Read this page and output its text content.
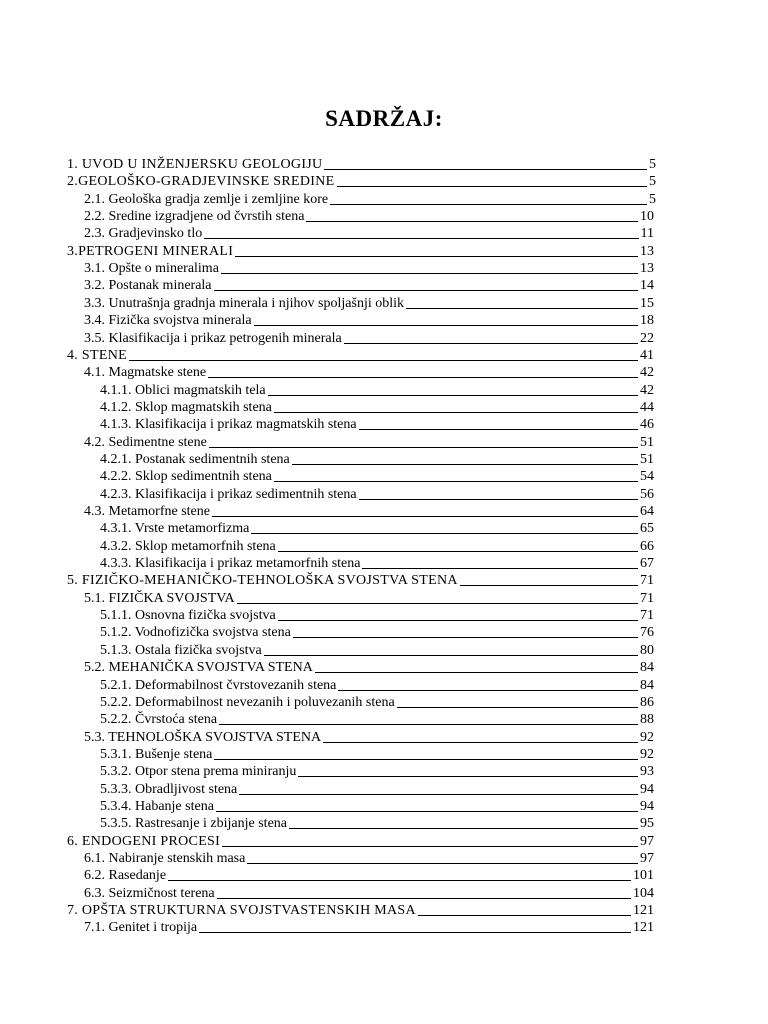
SADRŽAJ:
1. UVOD U INŽENJERSKU GEOLOGIJU	5
2.GEOLOŠKO-GRADJEVINSKE SREDINE	5
2.1. Geološka gradja zemlje i zemljine kore	5
2.2. Sredine izgradjene od čvrstih stena	10
2.3. Gradjevinsko tlo	11
3.PETROGENI MINERALI	13
3.1. Opšte o mineralima	13
3.2. Postanak minerala	14
3.3. Unutrašnja gradnja minerala i njihov spoljašnji oblik	15
3.4. Fizička svojstva minerala	18
3.5. Klasifikacija i prikaz petrogenih minerala	22
4. STENE	41
4.1. Magmatske stene	42
4.1.1. Oblici magmatskih tela	42
4.1.2. Sklop magmatskih stena	44
4.1.3. Klasifikacija i prikaz magmatskih stena	46
4.2. Sedimentne stene	51
4.2.1. Postanak sedimentnih stena	51
4.2.2. Sklop sedimentnih stena	54
4.2.3. Klasifikacija i prikaz sedimentnih stena	56
4.3. Metamorfne stene	64
4.3.1. Vrste metamorfizma	65
4.3.2. Sklop metamorfnih stena	66
4.3.3. Klasifikacija i prikaz metamorfnih stena	67
5. FIZIČKO-MEHANIČKO-TEHNOLOŠKA SVOJSTVA STENA	71
5.1. FIZIČKA SVOJSTVA	71
5.1.1. Osnovna fizička svojstva	71
5.1.2. Vodnofizička svojstva stena	76
5.1.3. Ostala fizička svojstva	80
5.2. MEHANIČKA SVOJSTVA STENA	84
5.2.1. Deformabilnost čvrstovezanih stena	84
5.2.2. Deformabilnost nevezanih i poluvezanih stena	86
5.2.2. Čvrstoća stena	88
5.3. TEHNOLOŠKA SVOJSTVA STENA	92
5.3.1. Bušenje stena	92
5.3.2. Otpor stena prema miniranju	93
5.3.3. Obradljivost stena	94
5.3.4. Habanje stena	94
5.3.5. Rastresanje i zbijanje stena	95
6. ENDOGENI PROCESI	97
6.1. Nabiranje stenskih masa	97
6.2. Rasedanje	101
6.3. Seizmičnost terena	104
7. OPŠTA STRUKTURNA SVOJSTVASTENSKIH MASA	121
7.1. Genitet i tropija	121
